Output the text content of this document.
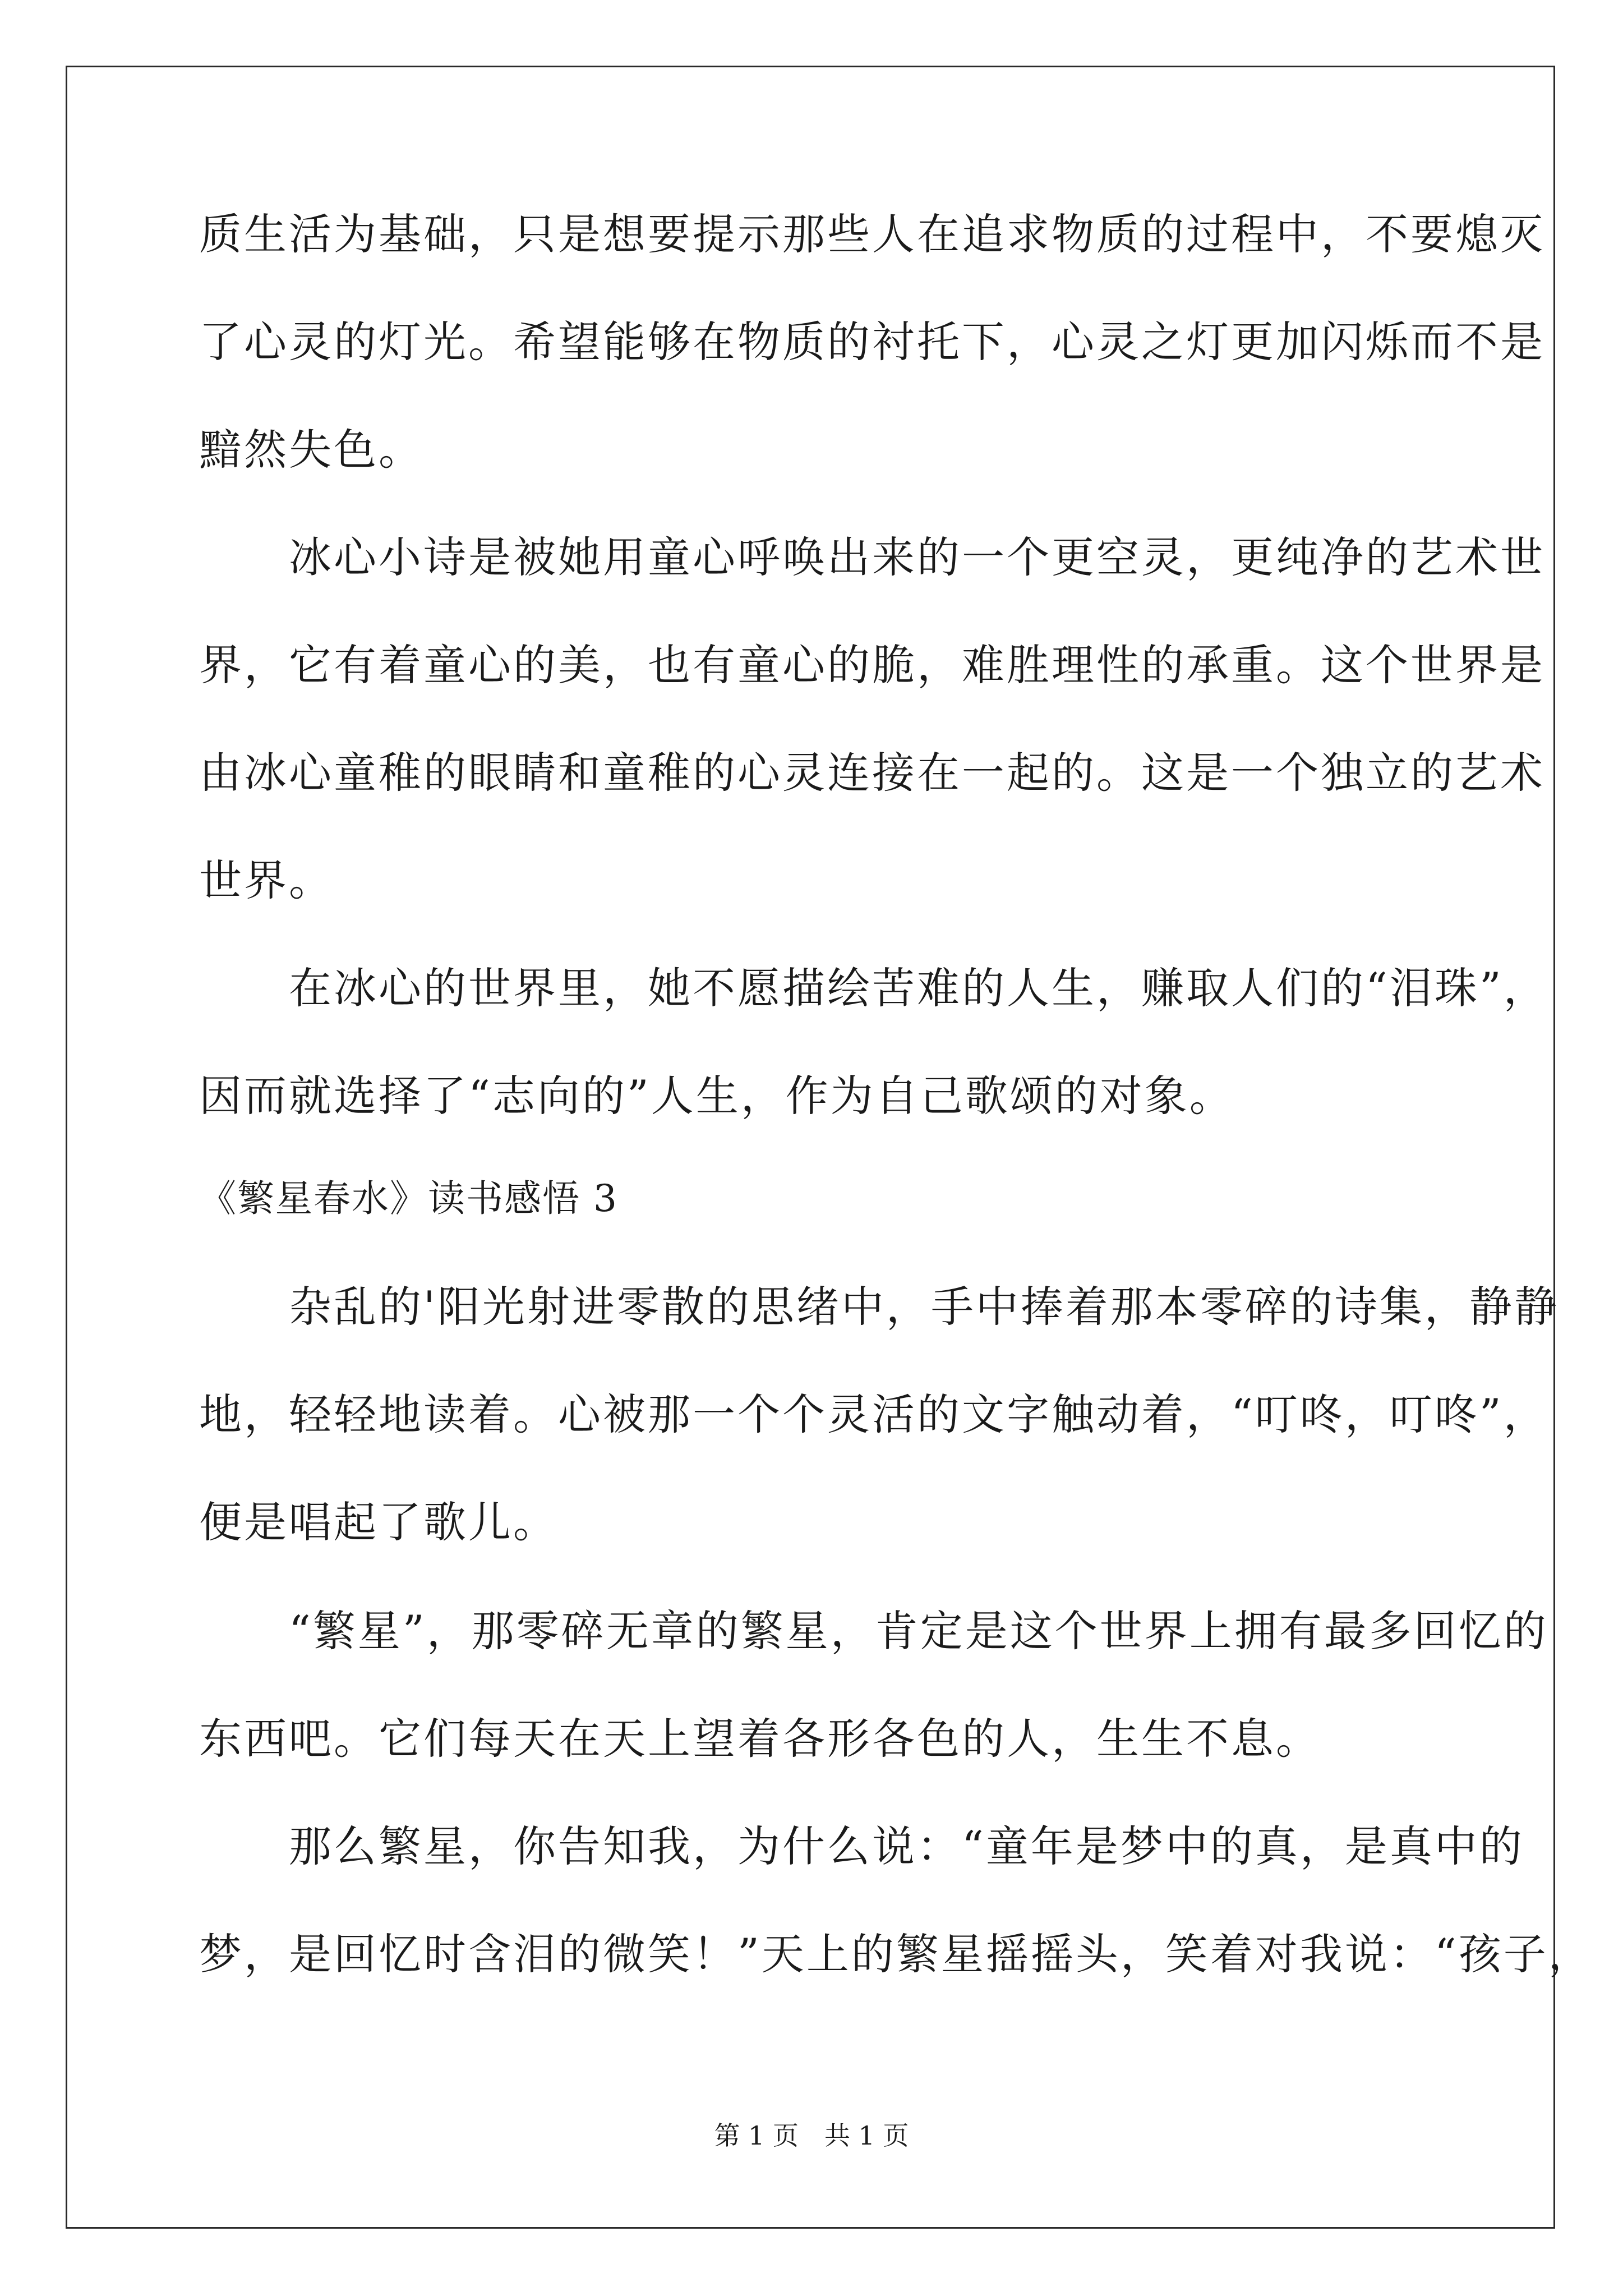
质生活为基础，只是想要提示那些人在追求物质的过程中，不要熄灭
了心灵的灯光。希望能够在物质的衬托下，心灵之灯更加闪烁而不是
黯然失色。
　　冰心小诗是被她用童心呼唤出来的一个更空灵，更纯净的艺术世
界，它有着童心的美，也有童心的脆，难胜理性的承重。这个世界是
由冰心童稚的眼睛和童稚的心灵连接在一起的。这是一个独立的艺术
世界。
　　在冰心的世界里，她不愿描绘苦难的人生，赚取人们的“泪珠”，
因而就选择了“志向的”人生，作为自己歌颂的对象。
《繁星春水》读书感悟 3
　　杂乱的'阳光射进零散的思绪中，手中捧着那本零碎的诗集，静静
地，轻轻地读着。心被那一个个灵活的文字触动着，“叮咚，叮咚”，
便是唱起了歌儿。
　　“繁星”，那零碎无章的繁星，肯定是这个世界上拥有最多回忆的
东西吧。它们每天在天上望着各形各色的人，生生不息。
　　那么繁星，你告知我，为什么说：“童年是梦中的真，是真中的
梦，是回忆时含泪的微笑！”天上的繁星摇摇头，笑着对我说：“孩子，
第 1 页　共 1 页
